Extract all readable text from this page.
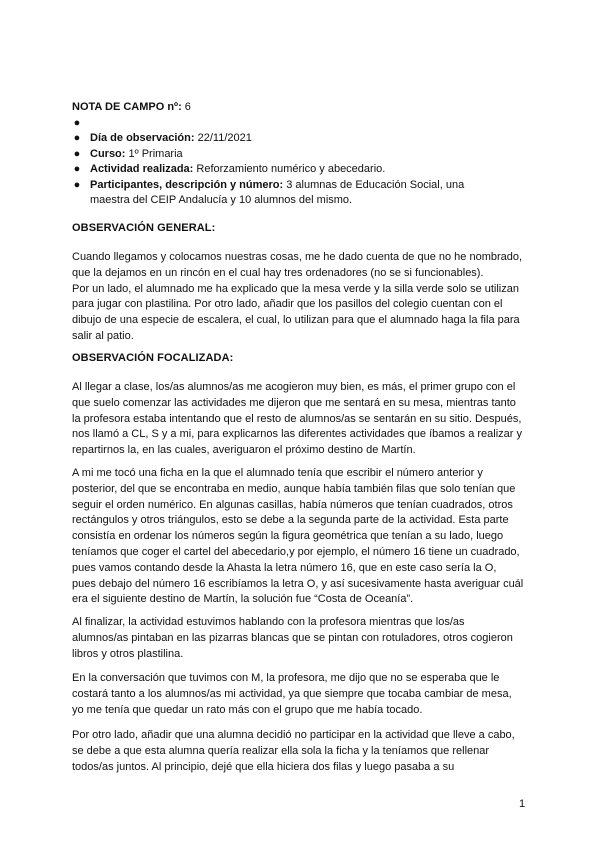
NOTA DE CAMPO nº: 6
●

● Día de observación: 22/11/2021
● Curso: 1º Primaria
● Actividad realizada: Reforzamiento numérico y abecedario.
● Participantes, descripción y número: 3 alumnas de Educación Social, una
maestra del CEIP Andalucía y 10 alumnos del mismo.
OBSERVACIÓN GENERAL:
Cuando llegamos y colocamos nuestras cosas, me he dado cuenta de que no he nombrado,
que la dejamos en un rincón en el cual hay tres ordenadores (no se si funcionables).
Por un lado, el alumnado me ha explicado que la mesa verde y la silla verde solo se utilizan
para jugar con plastilina. Por otro lado, añadir que los pasillos del colegio cuentan con el
dibujo de una especie de escalera, el cual, lo utilizan para que el alumnado haga la fila para
salir al patio.
OBSERVACIÓN FOCALIZADA:
Al llegar a clase, los/as alumnos/as me acogieron muy bien, es más, el primer grupo con el
que suelo comenzar las actividades me dijeron que me sentará en su mesa, mientras tanto
la profesora estaba intentando que el resto de alumnos/as se sentarán en su sitio. Después,
nos llamó a CL, S y a mi, para explicarnos las diferentes actividades que íbamos a realizar y
repartirnos la, en las cuales, averiguaron el próximo destino de Martín.
A mi me tocó una ficha en la que el alumnado tenía que escribir el número anterior y
posterior, del que se encontraba en medio, aunque había también filas que solo tenían que
seguir el orden numérico. En algunas casillas, había números que tenían cuadrados, otros
rectángulos y otros triángulos, esto se debe a la segunda parte de la actividad. Esta parte
consistía en ordenar los números según la figura geométrica que tenían a su lado, luego
teníamos que coger el cartel del abecedario,y por ejemplo, el número 16 tiene un cuadrado,
pues vamos contando desde la Ahasta la letra número 16, que en este caso sería la O,
pues debajo del número 16 escribíamos la letra O, y así sucesivamente hasta averiguar cuál
era el siguiente destino de Martín, la solución fue “Costa de Oceanía”.
Al finalizar, la actividad estuvimos hablando con la profesora mientras que los/as
alumnos/as pintaban en las pizarras blancas que se pintan con rotuladores, otros cogieron
libros y otros plastilina.
En la conversación que tuvimos con M, la profesora, me dijo que no se esperaba que le
costará tanto a los alumnos/as mi actividad, ya que siempre que tocaba cambiar de mesa,
yo me tenía que quedar un rato más con el grupo que me había tocado.
Por otro lado, añadir que una alumna decidió no participar en la actividad que lleve a cabo,
se debe a que esta alumna quería realizar ella sola la ficha y la teníamos que rellenar
todos/as juntos. Al principio, dejé que ella hiciera dos filas y luego pasaba a su
1
